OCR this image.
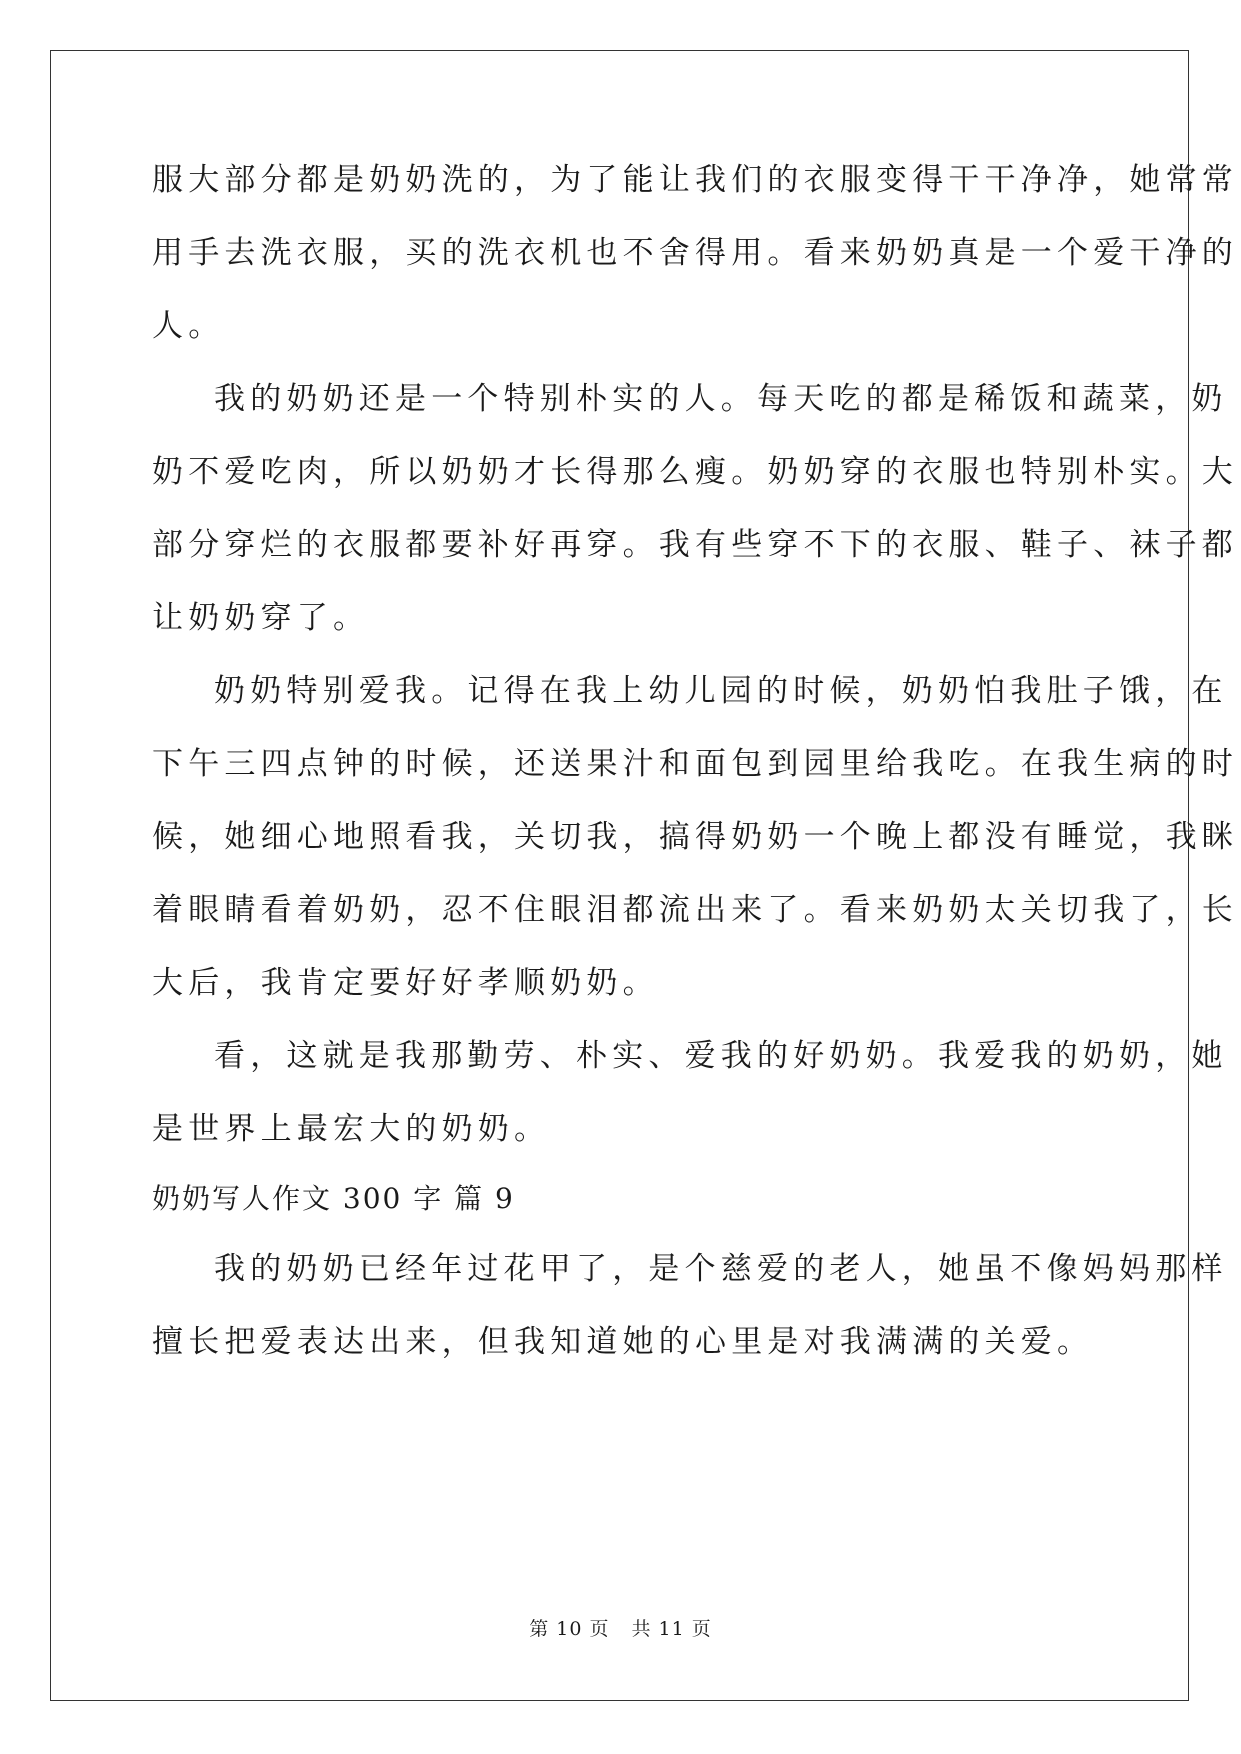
服大部分都是奶奶洗的，为了能让我们的衣服变得干干净净，她常常
用手去洗衣服，买的洗衣机也不舍得用。看来奶奶真是一个爱干净的
人。
我的奶奶还是一个特别朴实的人。每天吃的都是稀饭和蔬菜，奶
奶不爱吃肉，所以奶奶才长得那么瘦。奶奶穿的衣服也特别朴实。大
部分穿烂的衣服都要补好再穿。我有些穿不下的衣服、鞋子、袜子都
让奶奶穿了。
奶奶特别爱我。记得在我上幼儿园的时候，奶奶怕我肚子饿，在
下午三四点钟的时候，还送果汁和面包到园里给我吃。在我生病的时
候，她细心地照看我，关切我，搞得奶奶一个晚上都没有睡觉，我眯
着眼睛看着奶奶，忍不住眼泪都流出来了。看来奶奶太关切我了，长
大后，我肯定要好好孝顺奶奶。
看，这就是我那勤劳、朴实、爱我的好奶奶。我爱我的奶奶，她
是世界上最宏大的奶奶。
奶奶写人作文 300 字 篇 9
我的奶奶已经年过花甲了，是个慈爱的老人，她虽不像妈妈那样
擅长把爱表达出来，但我知道她的心里是对我满满的关爱。
第 10 页 共 11 页
